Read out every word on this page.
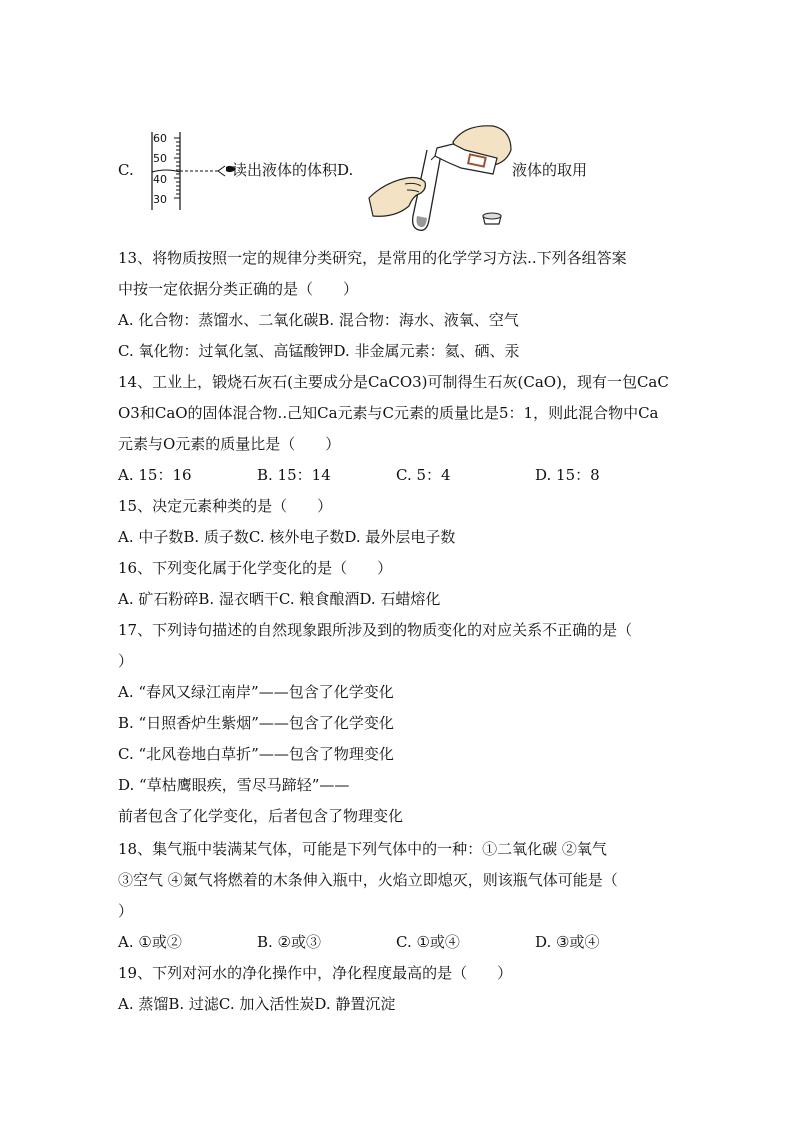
C.
60
50
40
30
读出液体的体积D.	液体的取用
13、将物质按照一定的规律分类研究，是常用的化学学习方法..下列各组答案
中按一定依据分类正确的是（　　）
A. 化合物：蒸馏水、二氧化碳B. 混合物：海水、液氧、空气
C. 氧化物：过氧化氢、高锰酸钾D. 非金属元素：氦、硒、汞
14、工业上，锻烧石灰石(主要成分是CaCO3)可制得生石灰(CaO)，现有一包CaC
O3和CaO的固体混合物..己知Ca元素与C元素的质量比是5：1，则此混合物中Ca
元素与O元素的质量比是（　　）
A. 15：16	B. 15：14	C. 5：4	D. 15：8
15、决定元素种类的是（　　）
A. 中子数B. 质子数C. 核外电子数D. 最外层电子数
16、下列变化属于化学变化的是（　　）
A. 矿石粉碎B. 湿衣晒干C. 粮食酿酒D. 石蜡熔化
17、下列诗句描述的自然现象跟所涉及到的物质变化的对应关系不正确的是（
）
A. “春风又绿江南岸”——包含了化学变化
B. “日照香炉生紫烟”——包含了化学变化
C. “北风卷地白草折”——包含了物理变化
D. “草枯鹰眼疾，雪尽马蹄轻”——
前者包含了化学变化，后者包含了物理变化
18、集气瓶中装满某气体，可能是下列气体中的一种：①二氧化碳 ②氧气
③空气 ④氮气将燃着的木条伸入瓶中，火焰立即熄灭，则该瓶气体可能是（
）
A. ①或②	B. ②或③	C. ①或④	D. ③或④
19、下列对河水的净化操作中，净化程度最高的是（　　）
A. 蒸馏B. 过滤C. 加入活性炭D. 静置沉淀
